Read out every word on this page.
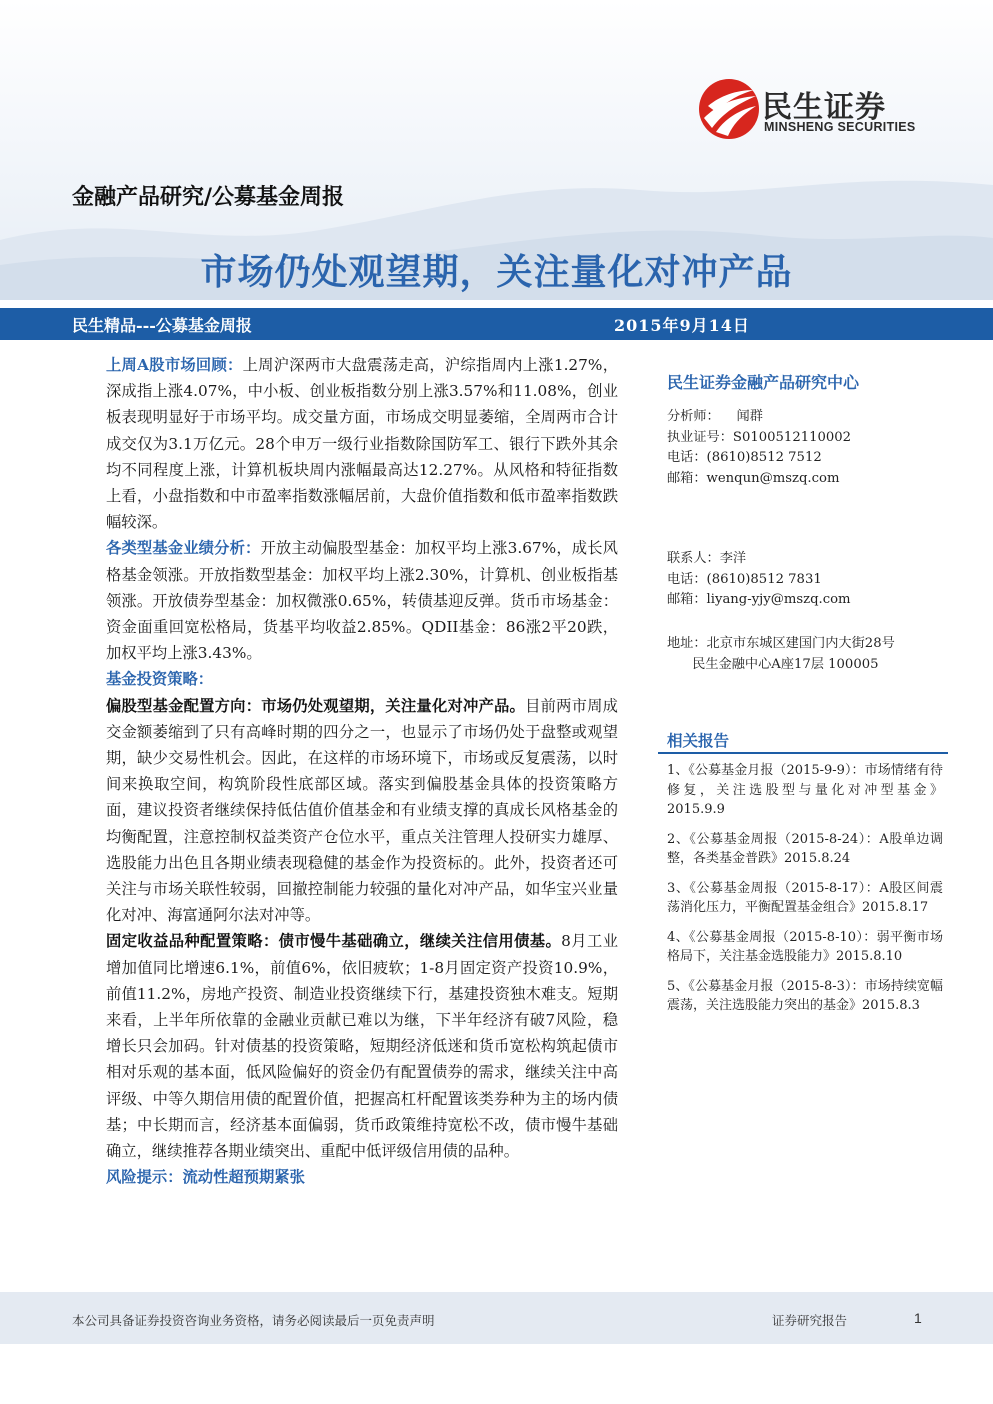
民生证券
MINSHENG SECURITIES
金融产品研究/公募基金周报
市场仍处观望期，关注量化对冲产品
民生精品---公募基金周报	2015年9月14日

上周A股市场回顾：上周沪深两市大盘震荡走高，沪综指周内上涨1.27%，深成指上涨4.07%，中小板、创业板指数分别上涨3.57%和11.08%，创业板表现明显好于市场平均。成交量方面，市场成交明显萎缩，全周两市合计成交仅为3.1万亿元。28个申万一级行业指数除国防军工、银行下跌外其余均不同程度上涨，计算机板块周内涨幅最高达12.27%。从风格和特征指数上看，小盘指数和中市盈率指数涨幅居前，大盘价值指数和低市盈率指数跌幅较深。

各类型基金业绩分析：开放主动偏股型基金：加权平均上涨3.67%，成长风格基金领涨。开放指数型基金：加权平均上涨2.30%，计算机、创业板指基领涨。开放债券型基金：加权微涨0.65%，转债基迎反弹。货币市场基金：资金面重回宽松格局，货基平均收益2.85%。QDII基金：86涨2平20跌，加权平均上涨3.43%。

基金投资策略：

偏股型基金配置方向：市场仍处观望期，关注量化对冲产品。目前两市周成交金额萎缩到了只有高峰时期的四分之一，也显示了市场仍处于盘整或观望期，缺少交易性机会。因此，在这样的市场环境下，市场或反复震荡，以时间来换取空间，构筑阶段性底部区域。落实到偏股基金具体的投资策略方面，建议投资者继续保持低估值价值基金和有业绩支撑的真成长风格基金的均衡配置，注意控制权益类资产仓位水平，重点关注管理人投研实力雄厚、选股能力出色且各期业绩表现稳健的基金作为投资标的。此外，投资者还可关注与市场关联性较弱，回撤控制能力较强的量化对冲产品，如华宝兴业量化对冲、海富通阿尔法对冲等。

固定收益品种配置策略：债市慢牛基础确立，继续关注信用债基。8月工业增加值同比增速6.1%，前值6%，依旧疲软；1-8月固定资产投资10.9%，前值11.2%，房地产投资、制造业投资继续下行，基建投资独木难支。短期来看，上半年所依靠的金融业贡献已难以为继，下半年经济有破7风险，稳增长只会加码。针对债基的投资策略，短期经济低迷和货币宽松构筑起债市相对乐观的基本面，低风险偏好的资金仍有配置债券的需求，继续关注中高评级、中等久期信用债的配置价值，把握高杠杆配置该类券种为主的场内债基；中长期而言，经济基本面偏弱，货币政策维持宽松不改，债市慢牛基础确立，继续推荐各期业绩突出、重配中低评级信用债的品种。

风险提示：流动性超预期紧张

民生证券金融产品研究中心
分析师：    闻群
执业证号：S0100512110002
电话：(8610)8512 7512
邮箱：wenqun@mszq.com
联系人：李洋
电话：(8610)8512 7831
邮箱：liyang-yjy@mszq.com
地址：北京市东城区建国门内大街28号
民生金融中心A座17层 100005
相关报告
1、《公募基金月报（2015-9-9）：市场情绪有待修复，关注选股型与量化对冲型基金》2015.9.9
2、《公募基金周报（2015-8-24）：A股单边调整，各类基金普跌》2015.8.24
3、《公募基金周报（2015-8-17）：A股区间震荡消化压力，平衡配置基金组合》2015.8.17
4、《公募基金周报（2015-8-10）：弱平衡市场格局下，关注基金选股能力》2015.8.10
5、《公募基金月报（2015-8-3）：市场持续宽幅震荡，关注选股能力突出的基金》2015.8.3
本公司具备证券投资咨询业务资格，请务必阅读最后一页免责声明	证券研究报告	1
